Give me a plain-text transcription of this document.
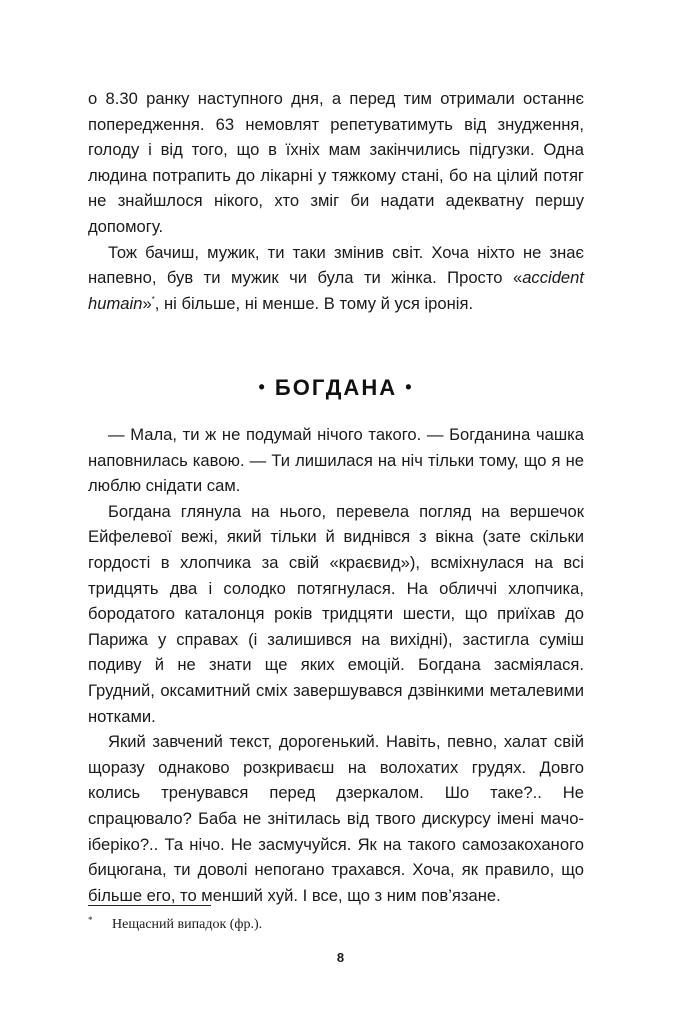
о 8.30 ранку наступного дня, а перед тим отримали останнє попередження. 63 немовлят репетуватимуть від знудження, голоду і від того, що в їхніх мам закінчились підгузки. Одна людина потрапить до лікарні у тяжкому стані, бо на цілий потяг не знайшлося нікого, хто зміг би надати адекватну першу допомогу.

Тож бачиш, мужик, ти таки змінив світ. Хоча ніхто не знає напевно, був ти мужик чи була ти жінка. Просто «accident humain»*, ні більше, ні менше. В тому й уся іронія.

• БОГДАНА •

— Мала, ти ж не подумай нічого такого. — Богданина чашка наповнилась кавою. — Ти лишилася на ніч тільки тому, що я не люблю снідати сам.

Богдана глянула на нього, перевела погляд на вершечок Ейфелевої вежі, який тільки й виднівся з вікна (зате скільки гордості в хлопчика за свій «краєвид»), всміхнулася на всі тридцять два і солодко потягнулася. На обличчі хлопчика, бородатого каталонця років тридцяти шести, що приїхав до Парижа у справах (і залишився на вихідні), застигла суміш подиву й не знати ще яких емоцій. Богдана засміялася. Грудний, оксамитний сміх завершувався дзвінкими металевими нотками.

Який завчений текст, дорогенький. Навіть, певно, халат свій щоразу однаково розкриваєш на волохатих грудях. Довго колись тренувався перед дзеркалом. Шо таке?.. Не спрацювало? Баба не знітилась від твого дискурсу імені мачо-іберіко?.. Та нічо. Не засмучуйся. Як на такого самозакоханого бицюгана, ти доволі непогано трахався. Хоча, як правило, що більше его, то менший хуй. І все, що з ним пов’язане.

* Нещасний випадок (фр.).
8
